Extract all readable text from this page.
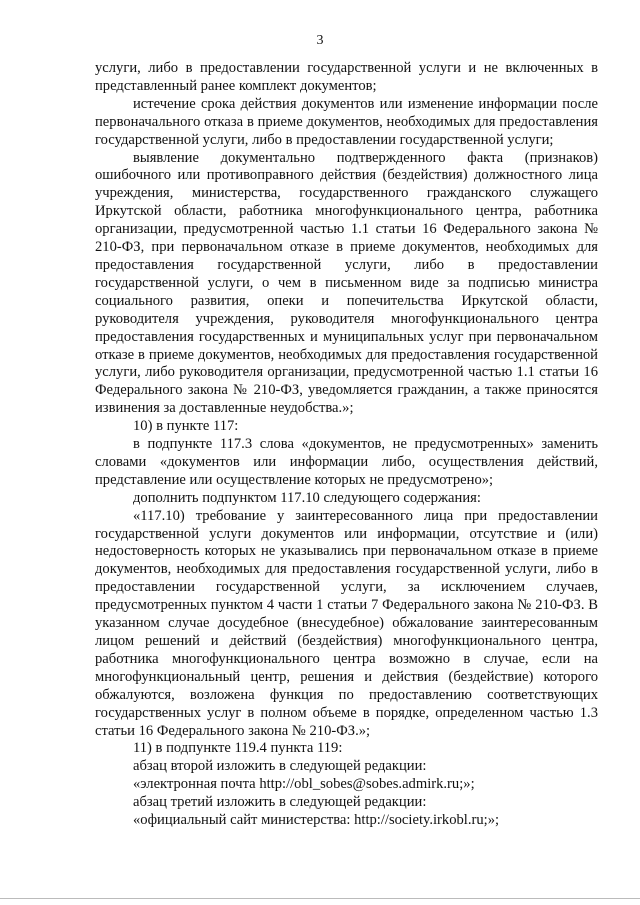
3

услуги, либо в предоставлении государственной услуги и не включенных в представленный ранее комплект документов;

истечение срока действия документов или изменение информации после первоначального отказа в приеме документов, необходимых для предоставления государственной услуги, либо в предоставлении государственной услуги;

выявление документально подтвержденного факта (признаков) ошибочного или противоправного действия (бездействия) должностного лица учреждения, министерства, государственного гражданского служащего Иркутской области, работника многофункционального центра, работника организации, предусмотренной частью 1.1 статьи 16 Федерального закона № 210-ФЗ, при первоначальном отказе в приеме документов, необходимых для предоставления государственной услуги, либо в предоставлении государственной услуги, о чем в письменном виде за подписью министра социального развития, опеки и попечительства Иркутской области, руководителя учреждения, руководителя многофункционального центра предоставления государственных и муниципальных услуг при первоначальном отказе в приеме документов, необходимых для предоставления государственной услуги, либо руководителя организации, предусмотренной частью 1.1 статьи 16 Федерального закона № 210-ФЗ, уведомляется гражданин, а также приносятся извинения за доставленные неудобства.»;

10) в пункте 117:

в подпункте 117.3 слова «документов, не предусмотренных» заменить словами «документов или информации либо, осуществления действий, представление или осуществление которых не предусмотрено»;

дополнить подпунктом 117.10 следующего содержания:

«117.10) требование у заинтересованного лица при предоставлении государственной услуги документов или информации, отсутствие и (или) недостоверность которых не указывались при первоначальном отказе в приеме документов, необходимых для предоставления государственной услуги, либо в предоставлении государственной услуги, за исключением случаев, предусмотренных пунктом 4 части 1 статьи 7 Федерального закона № 210-ФЗ. В указанном случае досудебное (внесудебное) обжалование заинтересованным лицом решений и действий (бездействия) многофункционального центра, работника многофункционального центра возможно в случае, если на многофункциональный центр, решения и действия (бездействие) которого обжалуются, возложена функция по предоставлению соответствующих государственных услуг в полном объеме в порядке, определенном частью 1.3 статьи 16 Федерального закона № 210-ФЗ.»;

11) в подпункте 119.4 пункта 119:

абзац второй изложить в следующей редакции:

«электронная почта http://obl_sobes@sobes.admirk.ru;»;

абзац третий изложить в следующей редакции:

«официальный сайт министерства: http://society.irkobl.ru;»;
